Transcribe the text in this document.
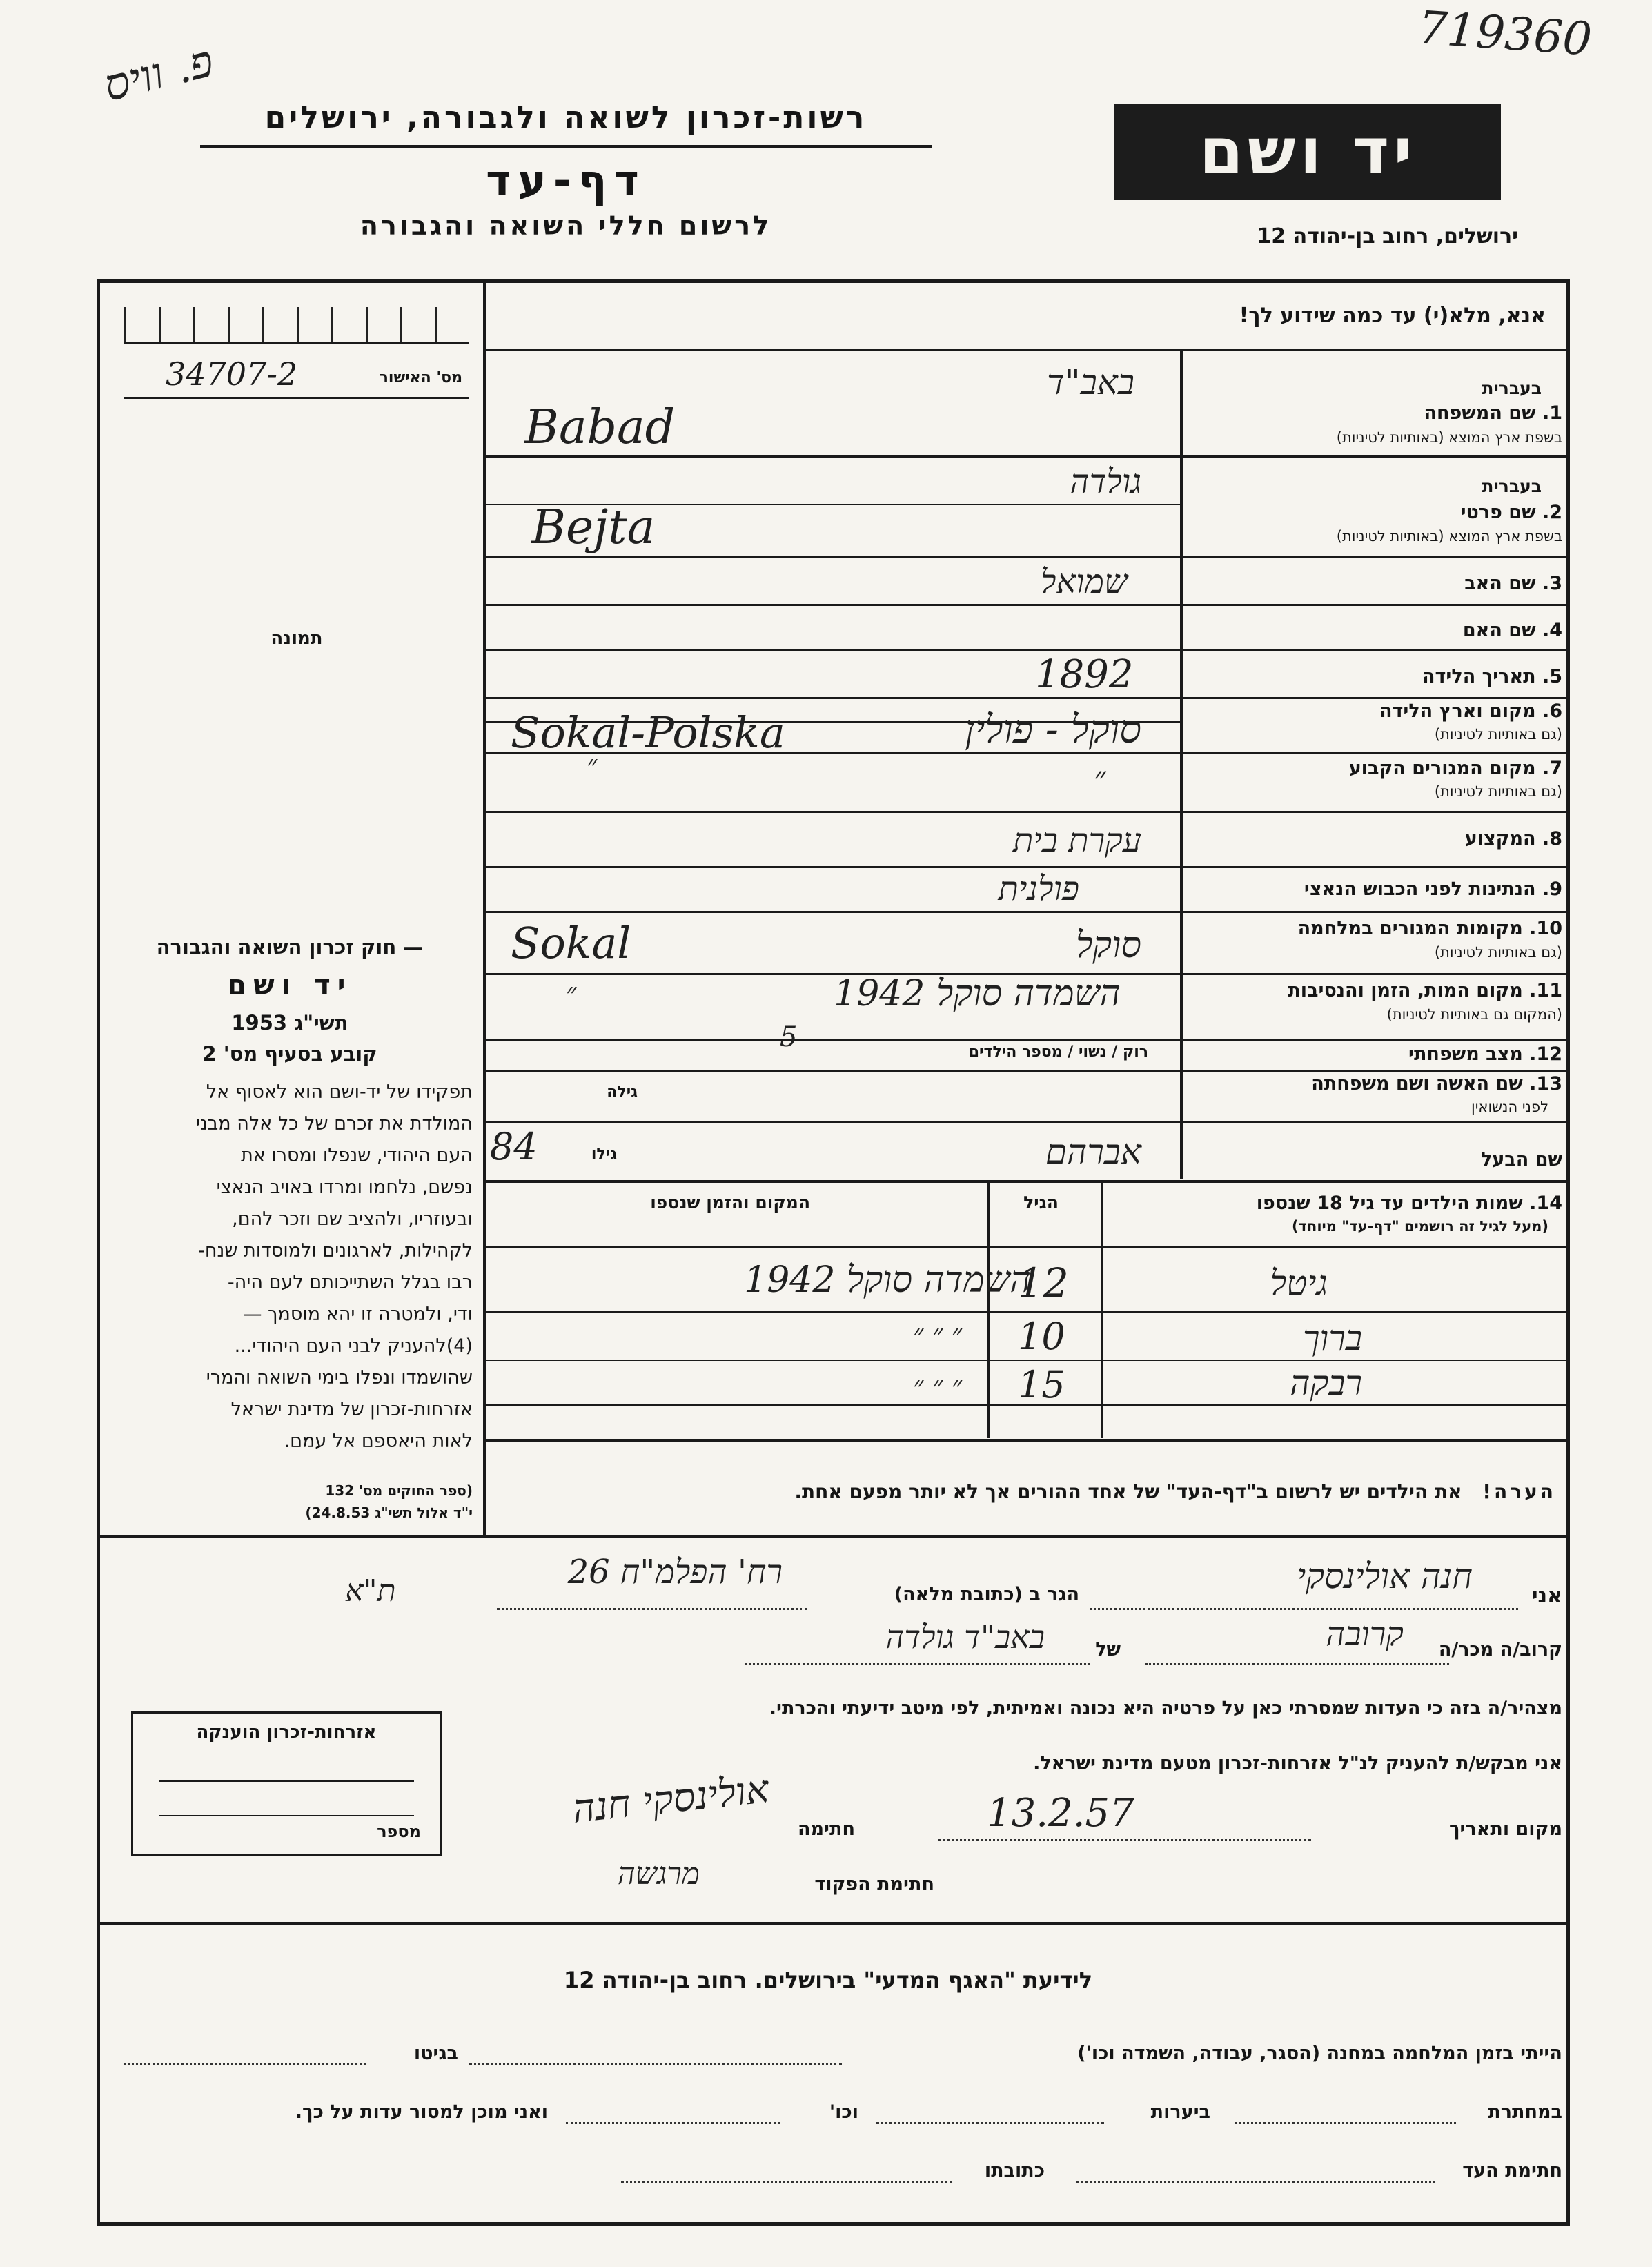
719360
פ. וויס
רשות-זכרון לשואה ולגבורה, ירושלים
דף-עד
לרשום חללי השואה והגבורה
יד ושם
ירושלים, רחוב בן-יהודה 12
אנא, מלא(י) עד כמה שידוע לך!
מס' האישור
34707-2
תמונה
— חוק זכרון השואה והגבורה
יד ושם
תשי"ג 1953
קובע בסעיף מס' 2

תפקידו של יד-ושם הוא לאסוף אל

המולדת את זכרם של כל אלה מבני

העם היהודי, שנפלו ומסרו את

נפשם, נלחמו ומרדו באויב הנאצי

ובעוזריו, ולהציב שם וזכר להם,

לקהילות, לארגונים ולמוסדות שנח-

רבו בגלל השתייכותם לעם היה-

ודי, ולמטרה זו יהא מוסמך —

(4)להעניק לבני העם היהודי...

שהושמדו ונפלו בימי השואה והמרי

אזרחות-זכרון של מדינת ישראל

לאות היאספם אל עמם.

(ספר החוקים מס' 132
י"ד אלול תשי"ג 24.8.53)
בעברית
1. שם המשפחה
בשפת ארץ המוצא (באותיות לטיניות)
באב"ד
Babad
בעברית
2. שם פרטי
בשפת ארץ המוצא (באותיות לטיניות)
גולדה
Bejta
3. שם האב
שמואל
4. שם האם
5. תאריך הלידה
1892
6. מקום וארץ הלידה
(גם באותיות לטיניות)
Sokal-Polska	סוקל - פולין
7. מקום המגורים הקבוע
(גם באותיות לטיניות)
״
״
8. המקצוע
עקרת בית
9. הנתינות לפני הכבוש הנאצי
פולנית
10. מקומות המגורים במלחמה
(גם באותיות לטיניות)
Sokal	סוקל
11. מקום המות, הזמן והנסיבות
(המקום גם באותיות לטיניות)
השמדה סוקל 1942
״
12. מצב משפחתי
רוק / נשוי / מספר הילדים
5
13. שם האשה ושם משפחתה
לפני הנשואין
גילה
שם הבעל
אברהם
גילו
84
14. שמות הילדים עד גיל 18 שנספו
(מעל לגיל זה רושמים "דף-עד" מיוחד)
הגיל
המקום והזמן שנספו
גיטל
12
השמדה סוקל 1942
ברוך
10
״ ״ ״
רבקה
15
״ ״ ״
הערה! את הילדים יש לרשום ב"דף-העד" של אחד ההורים אך לא יותר מפעם אחת.
אני
חנה אולינסקי
הגר ב (כתובת מלאה)
רח' הפלמ"ח 26
ת"א
קרוב/ה מכר/ה
קרובה
של
באב"ד גולדה
מצהיר/ה בזה כי העדות שמסרתי כאן על פרטיה היא נכונה ואמיתית, לפי מיטב ידיעתי והכרתי.
אזרחות-זכרון הוענקה
מספר
אני מבקש/ת להעניק לנ"ל אזרחות-זכרון מטעם מדינת ישראל.
מקום ותאריך
13.2.57
חתימה
אולינסקי חנה
חתימת הפקוד
מרגשה
לידיעת "האגף המדעי" בירושלים. רחוב בן-יהודה 12
הייתי בזמן המלחמה במחנה (הסגר, עבודה, השמדה וכו')
בגיטו
במחתרת
ביערות
וכו'
ואני מוכן למסור עדות על כך.
חתימת העד
כתובתו
